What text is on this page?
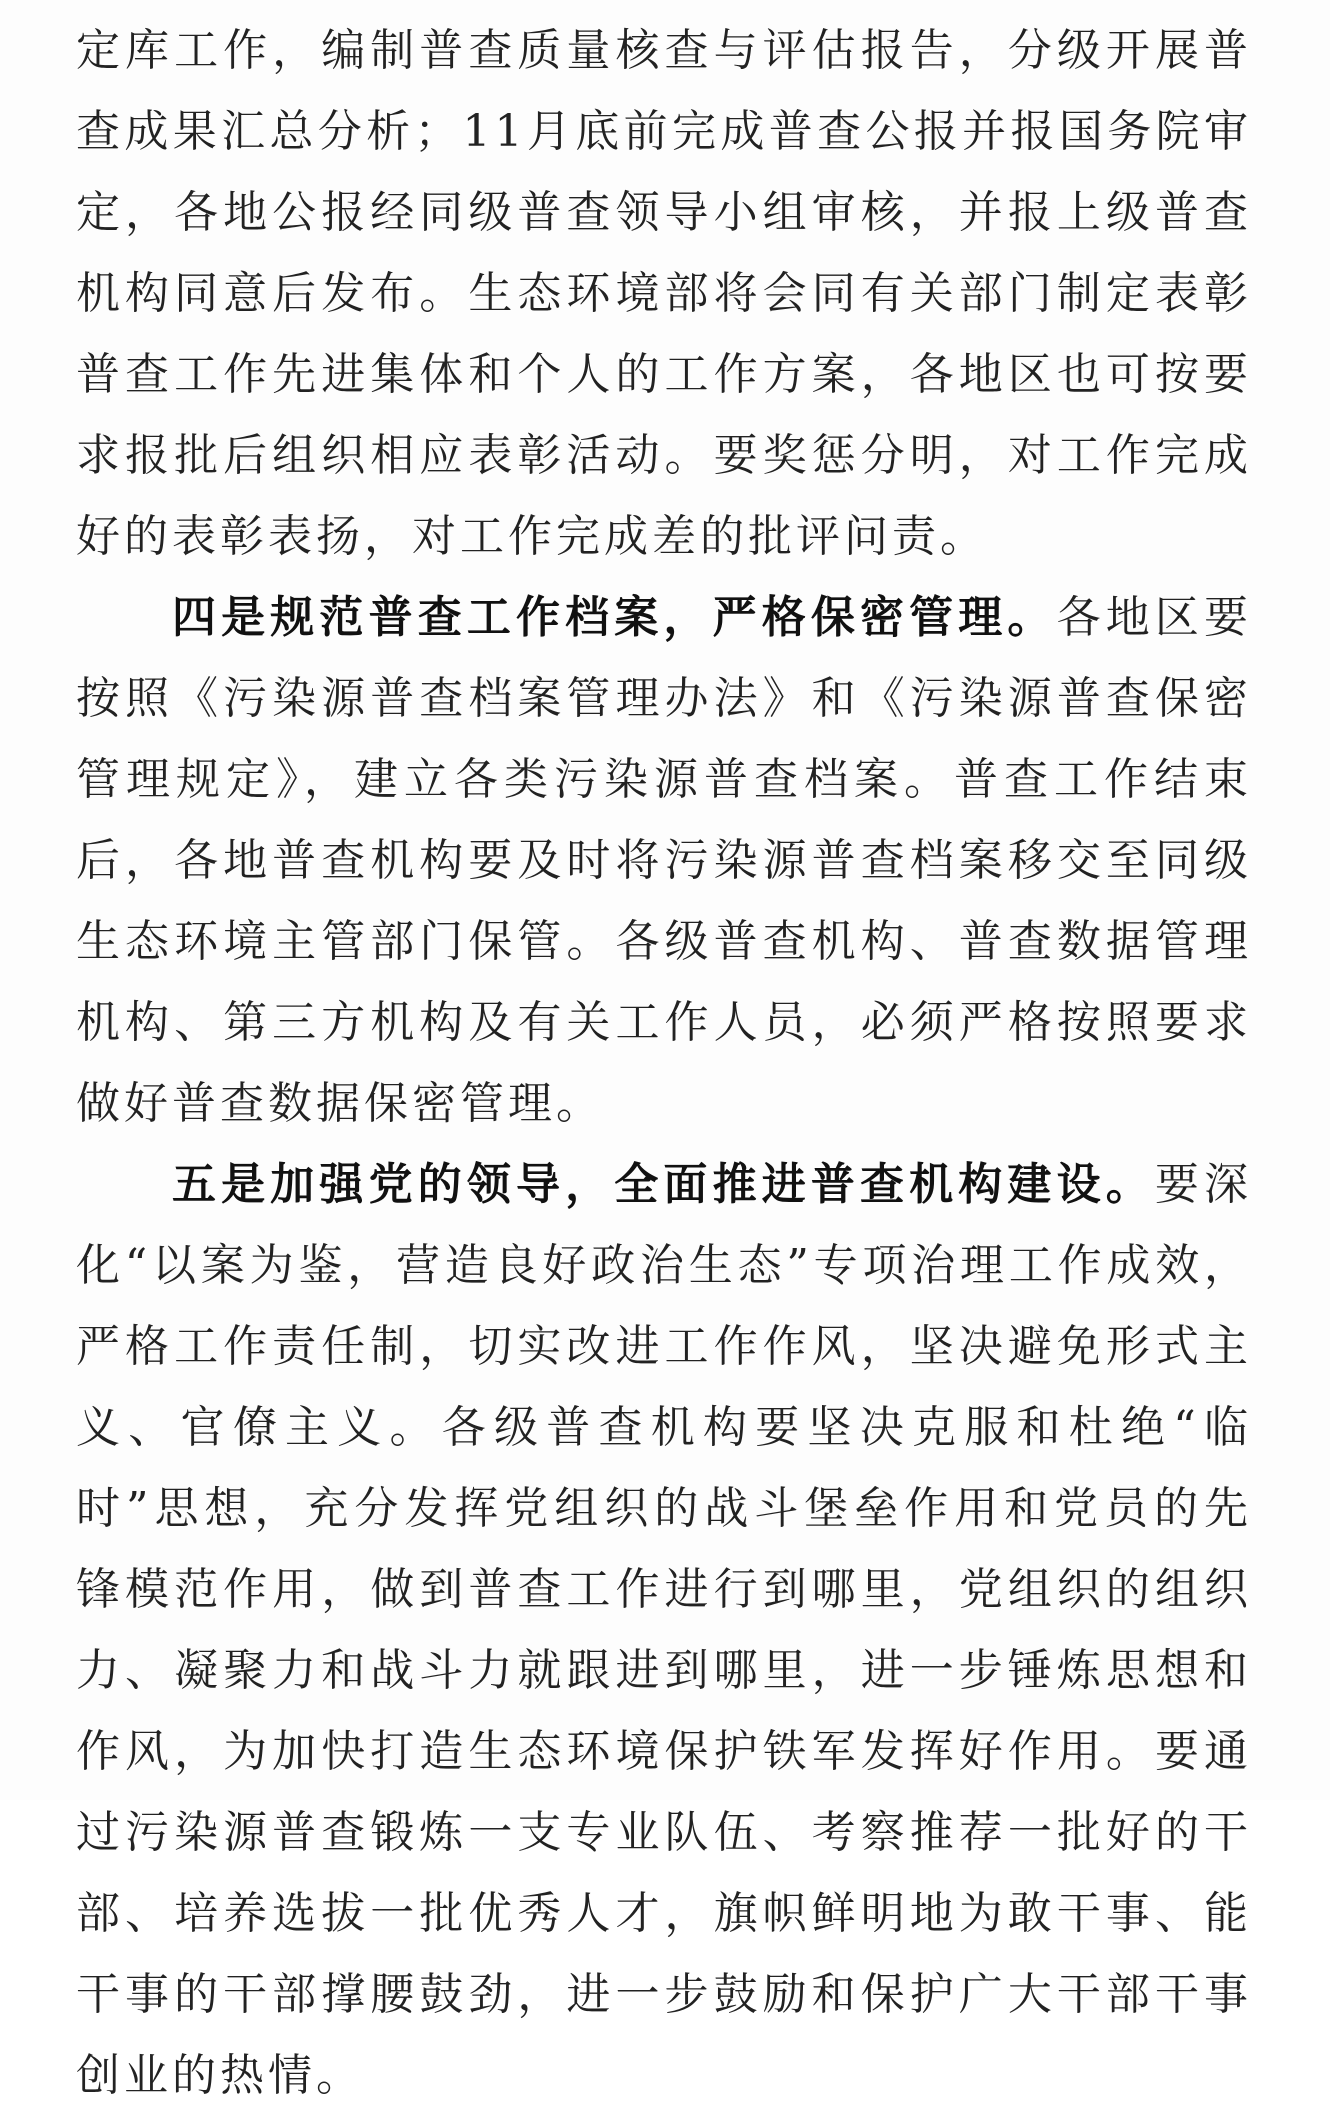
定库工作，编制普查质量核查与评估报告，分级开展普查成果汇总分析；11月底前完成普查公报并报国务院审定，各地公报经同级普查领导小组审核，并报上级普查机构同意后发布。生态环境部将会同有关部门制定表彰普查工作先进集体和个人的工作方案，各地区也可按要求报批后组织相应表彰活动。要奖惩分明，对工作完成好的表彰表扬，对工作完成差的批评问责。

四是规范普查工作档案，严格保密管理。各地区要按照《污染源普查档案管理办法》和《污染源普查保密管理规定》，建立各类污染源普查档案。普查工作结束后，各地普查机构要及时将污染源普查档案移交至同级生态环境主管部门保管。各级普查机构、普查数据管理机构、第三方机构及有关工作人员，必须严格按照要求做好普查数据保密管理。

五是加强党的领导，全面推进普查机构建设。要深化“以案为鉴，营造良好政治生态”专项治理工作成效，严格工作责任制，切实改进工作作风，坚决避免形式主义、官僚主义。各级普查机构要坚决克服和杜绝“临时”思想，充分发挥党组织的战斗堡垒作用和党员的先锋模范作用，做到普查工作进行到哪里，党组织的组织力、凝聚力和战斗力就跟进到哪里，进一步锤炼思想和作风，为加快打造生态环境保护铁军发挥好作用。要通过污染源普查锻炼一支专业队伍、考察推荐一批好的干部、培养选拔一批优秀人才，旗帜鲜明地为敢干事、能干事的干部撑腰鼓劲，进一步鼓励和保护广大干部干事创业的热情。
